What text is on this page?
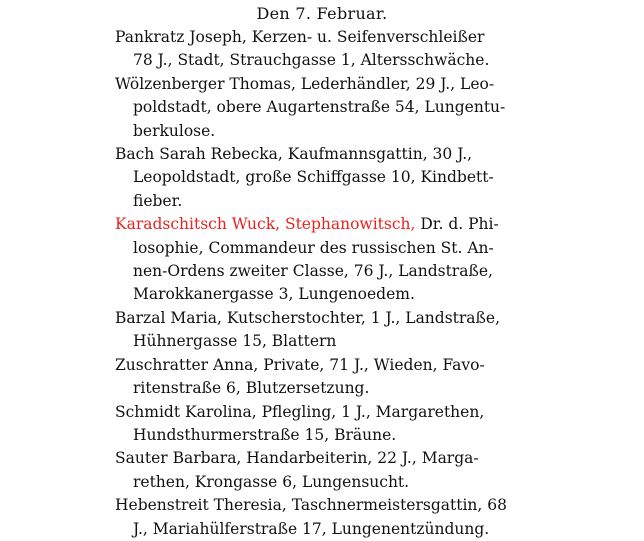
Den 7. Februar.

Pankratz Joseph, Kerzen- u. Seifenverschleißer
78 J., Stadt, Strauchgasse 1, Altersschwäche.

Wölzenberger Thomas, Lederhändler, 29 J., Leo-
poldstadt, obere Augartenstraße 54, Lungentu-
berkulose.

Bach Sarah Rebecka, Kaufmannsgattin, 30 J.,
Leopoldstadt, große Schiffgasse 10, Kindbett-
fieber.

Karadschitsch Wuck, Stephanowitsch, Dr. d. Phi-
losophie, Commandeur des russischen St. An-
nen-Ordens zweiter Classe, 76 J., Landstraße,
Marokkanergasse 3, Lungenoedem.

Barzal Maria, Kutscherstochter, 1 J., Landstraße,
Hühnergasse 15, Blattern

Zuschratter Anna, Private, 71 J., Wieden, Favo-
ritenstraße 6, Blutzersetzung.

Schmidt Karolina, Pflegling, 1 J., Margarethen,
Hundsthurmerstraße 15, Bräune.

Sauter Barbara, Handarbeiterin, 22 J., Marga-
rethen, Krongasse 6, Lungensucht.

Hebenstreit Theresia, Taschnermeistersgattin, 68
J., Mariahülferstraße 17, Lungenentzündung.
